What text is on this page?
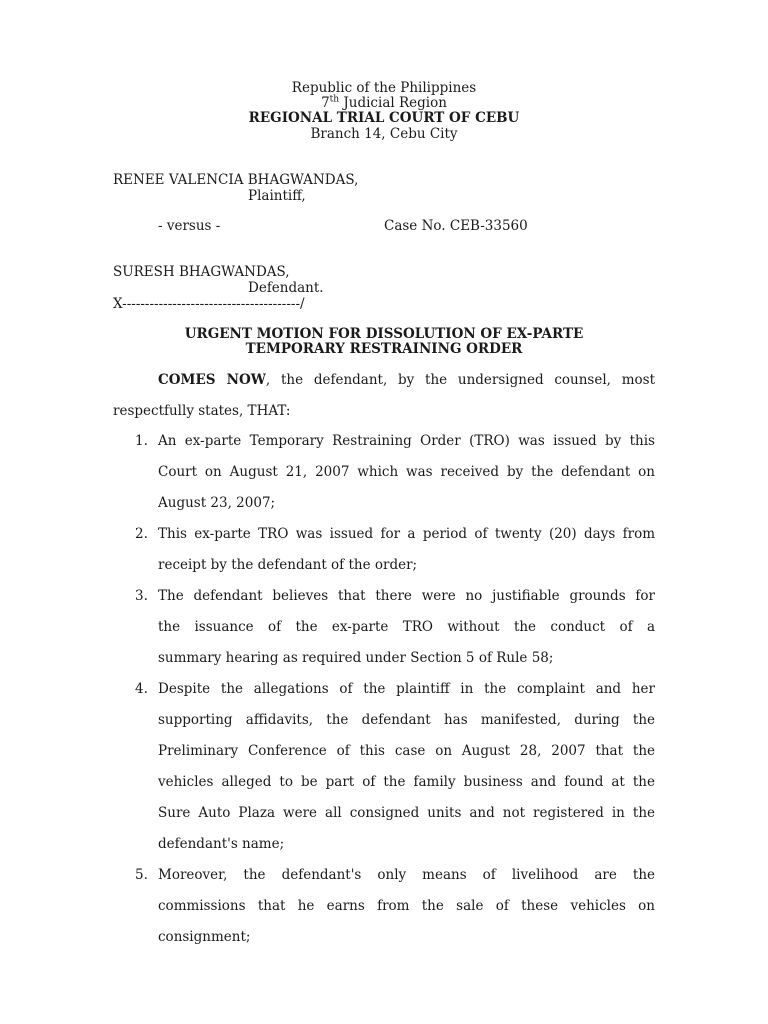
Republic of the Philippines
7th Judicial Region
REGIONAL TRIAL COURT OF CEBU
Branch 14, Cebu City
RENEE VALENCIA BHAGWANDAS,
Plaintiff,
- versus -	Case No. CEB-33560
SURESH BHAGWANDAS,
Defendant.
X---------------------------------------/
URGENT MOTION FOR DISSOLUTION OF EX-PARTE
TEMPORARY RESTRAINING ORDER
COMES NOW, the defendant, by the undersigned counsel, most
respectfully states, THAT:
1. An ex-parte Temporary Restraining Order (TRO) was issued by this
Court on August 21, 2007 which was received by the defendant on
August 23, 2007;
2. This ex-parte TRO was issued for a period of twenty (20) days from
receipt by the defendant of the order;
3. The defendant believes that there were no justifiable grounds for
the issuance of the ex-parte TRO without the conduct of a
summary hearing as required under Section 5 of Rule 58;
4. Despite the allegations of the plaintiff in the complaint and her
supporting affidavits, the defendant has manifested, during the
Preliminary Conference of this case on August 28, 2007 that the
vehicles alleged to be part of the family business and found at the
Sure Auto Plaza were all consigned units and not registered in the
defendant's name;
5. Moreover, the defendant's only means of livelihood are the
commissions that he earns from the sale of these vehicles on
consignment;
